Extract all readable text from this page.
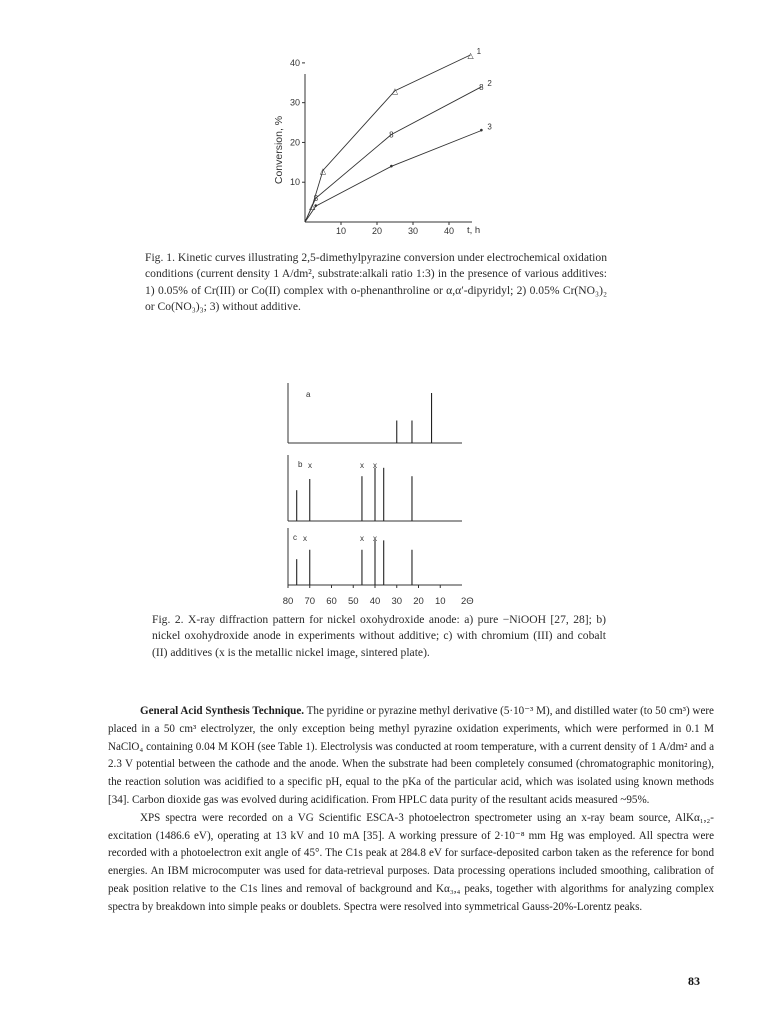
10
20
30
40
10	20	30	40
△
△
△
△
8
8
8
•
•
•
1
2
3
Conversion, %
t, h
Fig. 1. Kinetic curves illustrating 2,5-dimethylpyrazine conversion under electrochemical oxidation conditions (current density 1 A/dm², substrate:alkali ratio 1:3) in the presence of various additives: 1) 0.05% of Cr(III) or Co(II) complex with o-phenanthroline or α,α′-dipyridyl; 2) 0.05% Cr(NO₃)₂ or Co(NO₃)₃; 3) without additive.
a
b x	x x
c x	x x
80 70 60 50 40 30 20 10 2Θ
Fig. 2. X-ray diffraction pattern for nickel oxohydroxide anode: a) pure −NiOOH [27, 28]; b) nickel oxohydroxide anode in experiments without additive; c) with chromium (III) and cobalt (II) additives (x is the metallic nickel image, sintered plate).

General Acid Synthesis Technique. The pyridine or pyrazine methyl derivative (5·10⁻³ M), and distilled water (to 50 cm³) were placed in a 50 cm³ electrolyzer, the only exception being methyl pyrazine oxidation experiments, which were performed in 0.1 M NaClO₄ containing 0.04 M KOH (see Table 1). Electrolysis was conducted at room temperature, with a current density of 1 A/dm² and a 2.3 V potential between the cathode and the anode. When the substrate had been completely consumed (chromatographic monitoring), the reaction solution was acidified to a specific pH, equal to the pKa of the particular acid, which was isolated using known methods [34]. Carbon dioxide gas was evolved during acidification. From HPLC data purity of the resultant acids measured ~95%.

XPS spectra were recorded on a VG Scientific ESCA-3 photoelectron spectrometer using an x-ray beam source, AlKα₁,₂-excitation (1486.6 eV), operating at 13 kV and 10 mA [35]. A working pressure of 2·10⁻⁸ mm Hg was employed. All spectra were recorded with a photoelectron exit angle of 45°. The C1s peak at 284.8 eV for surface-deposited carbon taken as the reference for bond energies. An IBM microcomputer was used for data-retrieval purposes. Data processing operations included smoothing, calibration of peak position relative to the C1s lines and removal of background and Kα₃,₄ peaks, together with algorithms for analyzing complex spectra by breakdown into simple peaks or doublets. Spectra were resolved into symmetrical Gauss-20%-Lorentz peaks.

83
